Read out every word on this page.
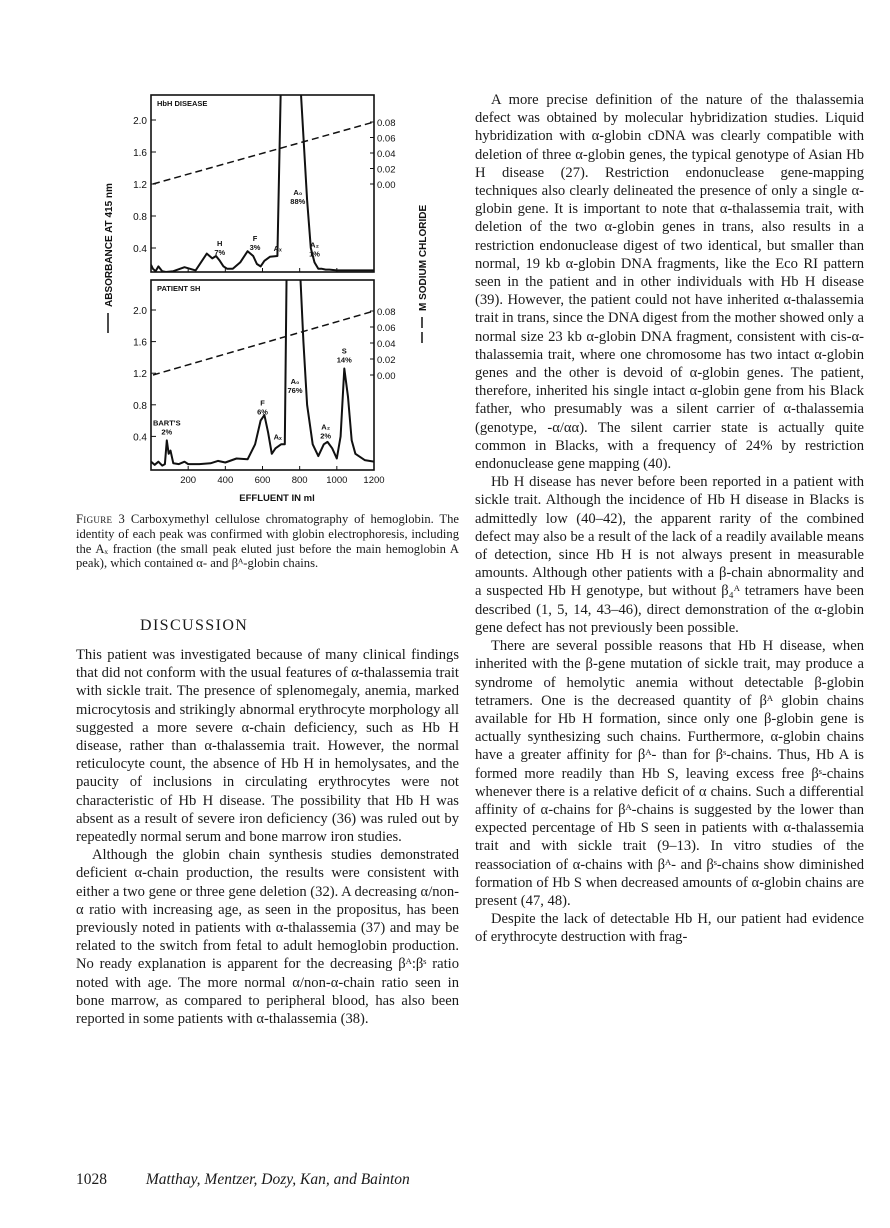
ABSORBANCE AT 415 nm	M SODIUM CHLORIDE
HbH DISEASE
0.4
0.8
1.2
1.6
2.0
0.00
0.02
0.04
0.06
0.08
H
7%
F
3% Aₓ
A₀
88%
A₂
1%
PATIENT SH
0.4
0.8
1.2
1.6
2.0
0.00
0.02
0.04
0.06
0.08
BART'S
2%
F
6%
Aₓ
A₀
76%
A₂
2%
S
14%
200 400 600 800 1000 1200
EFFLUENT IN ml
Figure 3 Carboxymethyl cellulose chromatography of hemoglobin. The identity of each peak was confirmed with globin electrophoresis, including the Aₓ fraction (the small peak eluted just before the main hemoglobin A peak), which contained α- and βᴬ-globin chains.
DISCUSSION

This patient was investigated because of many clinical findings that did not conform with the usual features of α-thalassemia trait with sickle trait. The presence of splenomegaly, anemia, marked microcytosis and strikingly abnormal erythrocyte morphology all suggested a more severe α-chain deficiency, such as Hb H disease, rather than α-thalassemia trait. However, the normal reticulocyte count, the absence of Hb H in hemolysates, and the paucity of inclusions in circulating erythrocytes were not characteristic of Hb H disease. The possibility that Hb H was absent as a result of severe iron deficiency (36) was ruled out by repeatedly normal serum and bone marrow iron studies.

Although the globin chain synthesis studies demonstrated deficient α-chain production, the results were consistent with either a two gene or three gene deletion (32). A decreasing α/non-α ratio with increasing age, as seen in the propositus, has been previously noted in patients with α-thalassemia (37) and may be related to the switch from fetal to adult hemoglobin production. No ready explanation is apparent for the decreasing βᴬ:βˢ ratio noted with age. The more normal α/non-α-chain ratio seen in bone marrow, as compared to peripheral blood, has also been reported in some patients with α-thalassemia (38).

A more precise definition of the nature of the thalassemia defect was obtained by molecular hybridization studies. Liquid hybridization with α-globin cDNA was clearly compatible with deletion of three α-globin genes, the typical genotype of Asian Hb H disease (27). Restriction endonuclease gene-mapping techniques also clearly delineated the presence of only a single α-globin gene. It is important to note that α-thalassemia trait, with deletion of the two α-globin genes in trans, also results in a restriction endonuclease digest of two identical, but smaller than normal, 19 kb α-globin DNA fragments, like the Eco RI pattern seen in the patient and in other individuals with Hb H disease (39). However, the patient could not have inherited α-thalassemia trait in trans, since the DNA digest from the mother showed only a normal size 23 kb α-globin DNA fragment, consistent with cis-α-thalassemia trait, where one chromosome has two intact α-globin genes and the other is devoid of α-globin genes. The patient, therefore, inherited his single intact α-globin gene from his Black father, who presumably was a silent carrier of α-thalassemia (genotype, -α/αα). The silent carrier state is actually quite common in Blacks, with a frequency of 24% by restriction endonuclease gene mapping (40).

Hb H disease has never before been reported in a patient with sickle trait. Although the incidence of Hb H disease in Blacks is admittedly low (40–42), the apparent rarity of the combined defect may also be a result of the lack of a readily available means of detection, since Hb H is not always present in measurable amounts. Although other patients with a β-chain abnormality and a suspected Hb H genotype, but without β₄ᴬ tetramers have been described (1, 5, 14, 43–46), direct demonstration of the α-globin gene defect has not previously been possible.

There are several possible reasons that Hb H disease, when inherited with the β-gene mutation of sickle trait, may produce a syndrome of hemolytic anemia without detectable β-globin tetramers. One is the decreased quantity of βᴬ globin chains available for Hb H formation, since only one β-globin gene is actually synthesizing such chains. Furthermore, α-globin chains have a greater affinity for βᴬ- than for βˢ-chains. Thus, Hb A is formed more readily than Hb S, leaving excess free βˢ-chains whenever there is a relative deficit of α chains. Such a differential affinity of α-chains for βᴬ-chains is suggested by the lower than expected percentage of Hb S seen in patients with α-thalassemia trait and with sickle trait (9–13). In vitro studies of the reassociation of α-chains with βᴬ- and βˢ-chains show diminished formation of Hb S when decreased amounts of α-globin chains are present (47, 48).

Despite the lack of detectable Hb H, our patient had evidence of erythrocyte destruction with frag-

1028	Matthay, Mentzer, Dozy, Kan, and Bainton
